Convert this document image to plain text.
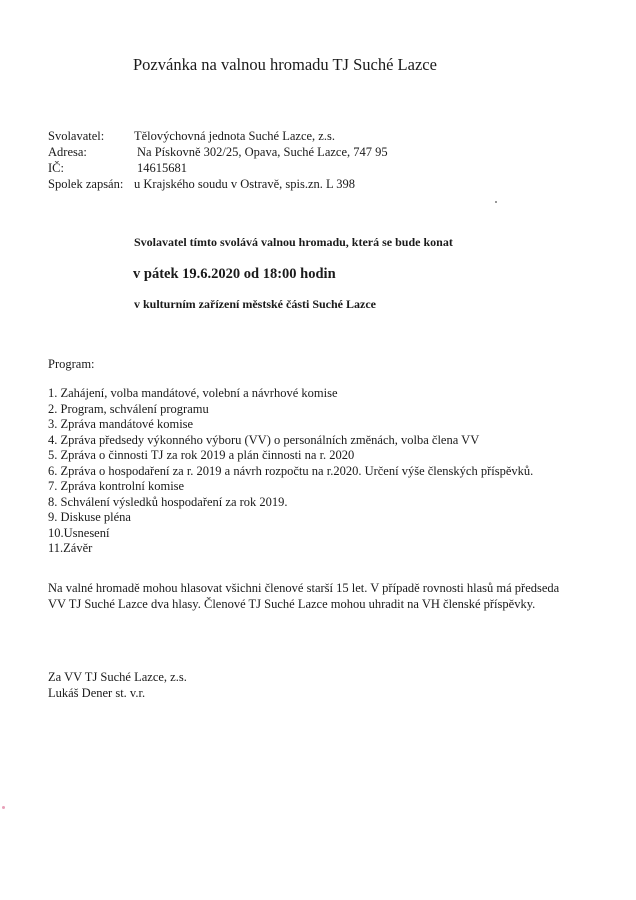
Pozvánka na valnou hromadu TJ Suché Lazce
Svolavatel: Tělovýchovná jednota Suché Lazce, z.s.
Adresa:	Na Pískovně 302/25, Opava, Suché Lazce, 747 95
IČ:	14615681
Spolek zapsán: u Krajského soudu v Ostravě, spis.zn. L 398
Svolavatel tímto svolává valnou hromadu, která se bude konat
v pátek 19.6.2020 od 18:00 hodin
v kulturním zařízení městské části Suché Lazce
Program:
1. Zahájení, volba mandátové, volební a návrhové komise
2. Program, schválení programu
3. Zpráva mandátové komise
4. Zpráva předsedy výkonného výboru (VV) o personálních změnách, volba člena VV
5. Zpráva o činnosti TJ za rok 2019 a plán činnosti na r. 2020
6. Zpráva o hospodaření za r. 2019 a návrh rozpočtu na r.2020. Určení výše členských příspěvků.
7. Zpráva kontrolní komise
8. Schválení výsledků hospodaření za rok 2019.
9. Diskuse pléna
10.Usnesení
11.Závěr
Na valné hromadě mohou hlasovat všichni členové starší 15 let. V případě rovnosti hlasů má předseda VV TJ Suché Lazce dva hlasy. Členové TJ Suché Lazce mohou uhradit na VH členské příspěvky.
Za VV TJ Suché Lazce, z.s.
Lukáš Dener st. v.r.
